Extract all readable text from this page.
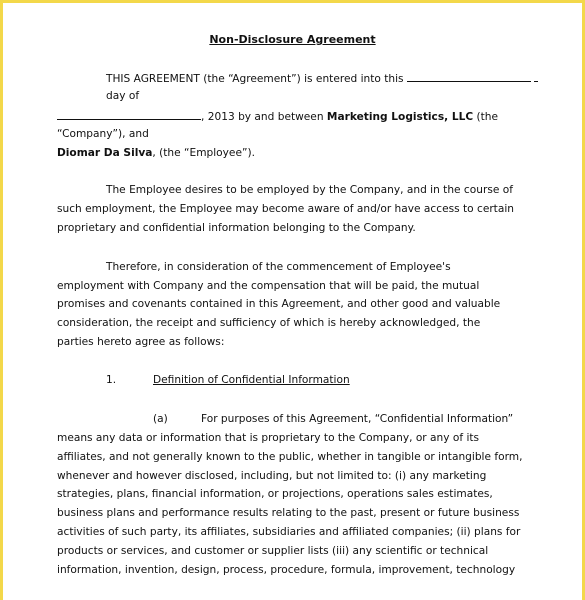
Non-Disclosure Agreement
THIS AGREEMENT (the “Agreement”) is entered into this
day of
, 2013 by and between Marketing Logistics, LLC (the
“Company”), and
Diomar Da Silva, (the “Employee”).
The Employee desires to be employed by the Company, and in the course of
such employment, the Employee may become aware of and/or have access to certain
proprietary and confidential information belonging to the Company.
Therefore, in consideration of the commencement of Employee's
employment with Company and the compensation that will be paid, the mutual
promises and covenants contained in this Agreement, and other good and valuable
consideration, the receipt and sufficiency of which is hereby acknowledged, the
parties hereto agree as follows:
1.	Definition of Confidential Information
(a)	For purposes of this Agreement, “Confidential Information”
means any data or information that is proprietary to the Company, or any of its
affiliates, and not generally known to the public, whether in tangible or intangible form,
whenever and however disclosed, including, but not limited to: (i) any marketing
strategies, plans, financial information, or projections, operations sales estimates,
business plans and performance results relating to the past, present or future business
activities of such party, its affiliates, subsidiaries and affiliated companies; (ii) plans for
products or services, and customer or supplier lists (iii) any scientific or technical
information, invention, design, process, procedure, formula, improvement, technology
